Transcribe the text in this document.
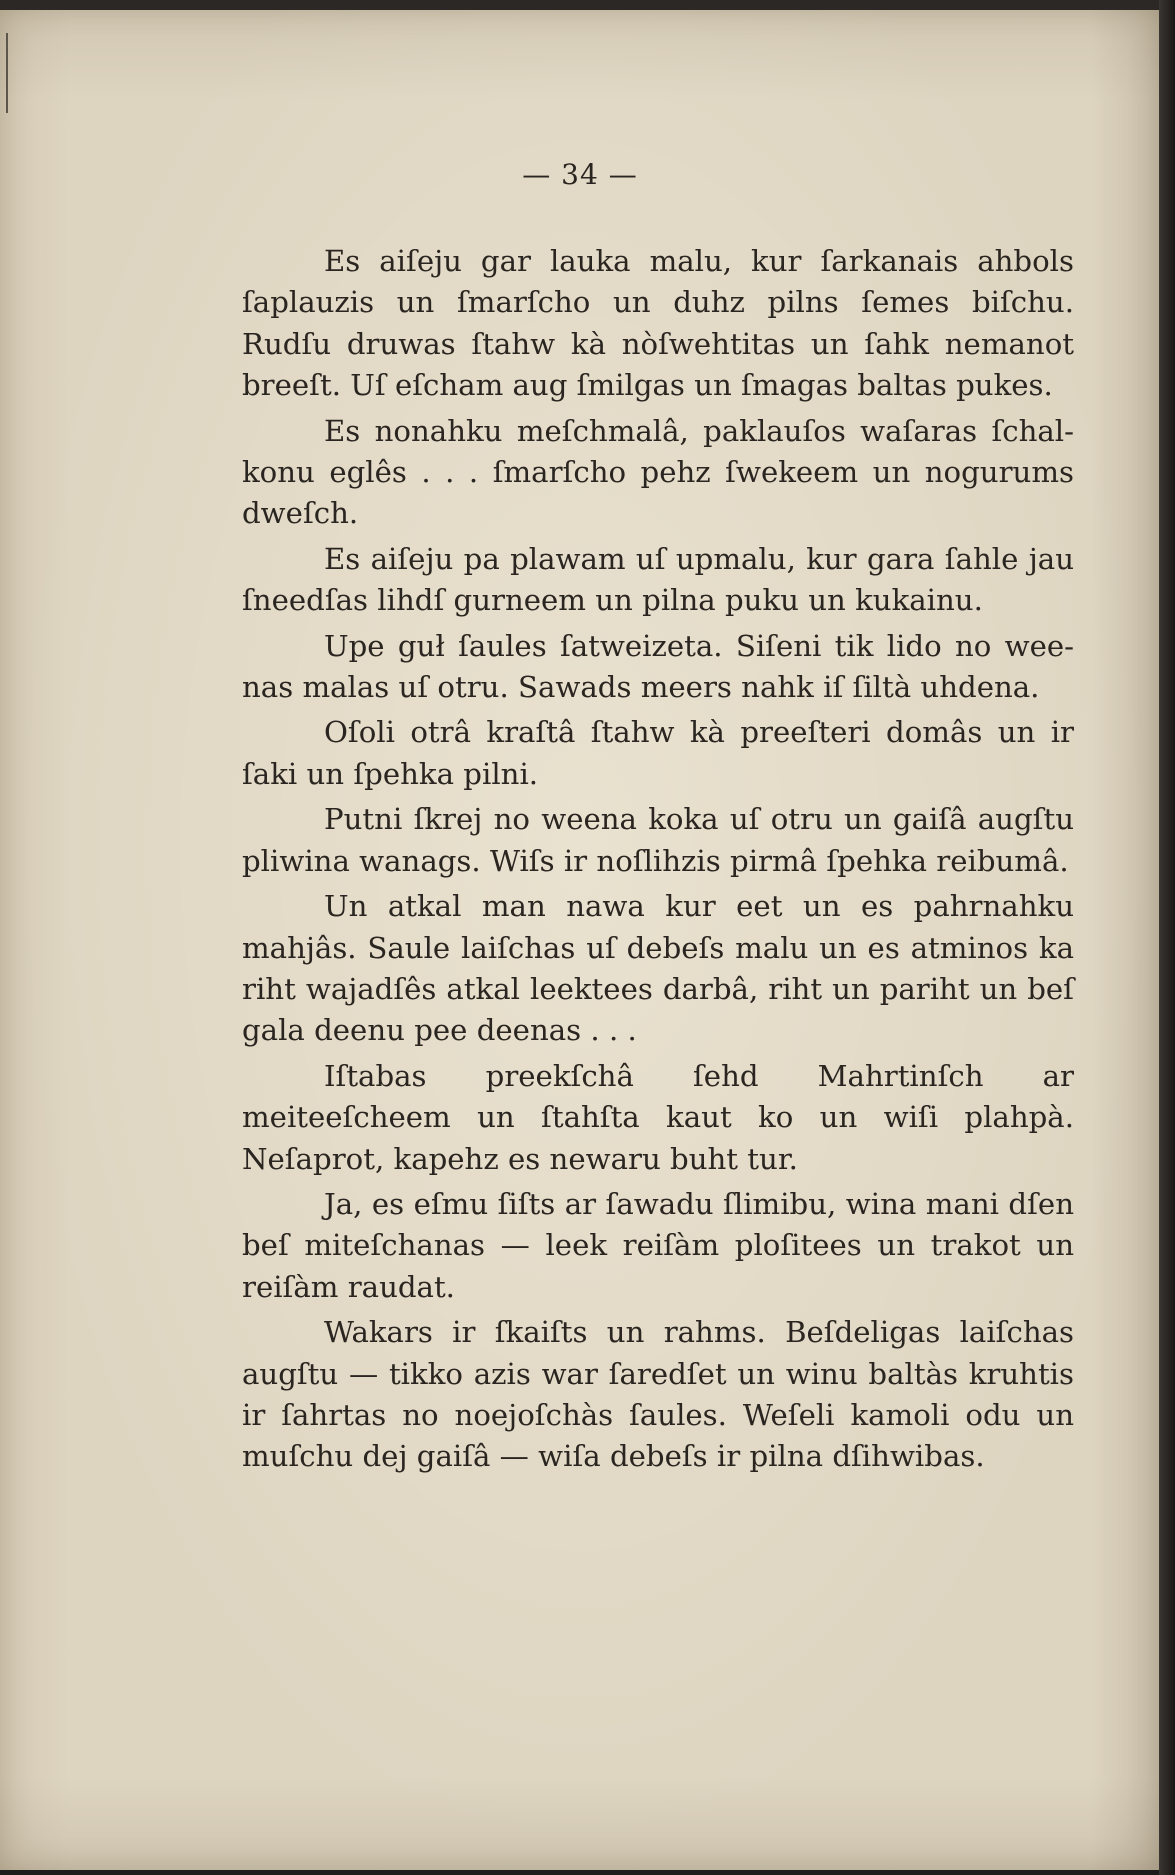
— 34 —

Es aiſeju gar lauka malu, kur ſarkanais ahbols ſaplauzis un ſmarſcho un duhz pilns ſemes biſchu. Rudſu druwas ſtahw kà nòſwehtitas un ſahk nemanot breeſt. Uſ eſcham aug ſmilgas un ſmagas baltas pukes.

Es nonahku meſchmalâ, paklauſos waſaras ſchal- konu eglês . . . ſmarſcho pehz ſwekeem un nogurums dweſch.

Es aiſeju pa plawam uſ upmalu, kur gara ſahle jau ſneedſas lihdſ gurneem un pilna puku un kukainu.

Upe guł ſaules ſatweizeta. Siſeni tik lido no wee- nas malas uſ otru. Sawads meers nahk iſ ſiltà uhdena.

Oſoli otrâ kraſtâ ſtahw kà preeſteri domâs un ir ſaki un ſpehka pilni.

Putni ſkrej no weena koka uſ otru un gaiſâ augſtu pliwina wanags. Wiſs ir noſlihzis pirmâ ſpehka reibumâ.

Un atkal man nawa kur eet un es pahrnahku mahjâs. Saule laiſchas uſ debeſs malu un es atminos ka riht wajadſês atkal leektees darbâ, riht un pariht un beſ gala deenu pee deenas . . .

Iſtabas preekſchâ ſehd Mahrtinſch ar meiteeſcheem un ſtahſta kaut ko un wiſi plahpà. Neſaprot, kapehz es newaru buht tur.

Ja, es eſmu ſiſts ar ſawadu ſlimibu, wina mani dſen beſ miteſchanas — leek reiſàm ploſitees un trakot un reiſàm raudat.

Wakars ir ſkaiſts un rahms. Beſdeligas laiſchas augſtu — tikko azis war ſaredſet un winu baltàs kruhtis ir ſahrtas no noejoſchàs ſaules. Weſeli kamoli odu un muſchu dej gaiſâ — wiſa debeſs ir pilna dſihwibas.
